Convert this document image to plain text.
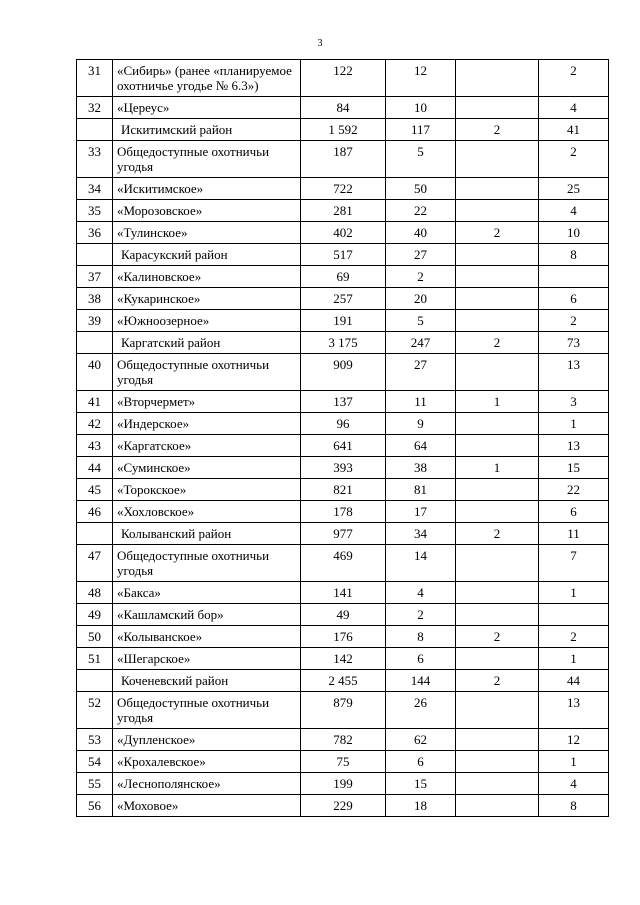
3
31	«Сибирь» (ранее «планируемое охотничье угодье № 6.3»)	122	12		2
32	«Цереус»	84	10		4
	Искитимский район	1 592	117	2	41
33	Общедоступные охотничьи угодья	187	5		2
34	«Искитимское»	722	50		25
35	«Морозовское»	281	22		4
36	«Тулинское»	402	40	2	10
	Карасукский район	517	27		8
37	«Калиновское»	69	2		
38	«Кукаринское»	257	20		6
39	«Южноозерное»	191	5		2
	Каргатский район	3 175	247	2	73
40	Общедоступные охотничьи угодья	909	27		13
41	«Вторчермет»	137	11	1	3
42	«Индерское»	96	9		1
43	«Каргатское»	641	64		13
44	«Суминское»	393	38	1	15
45	«Торокское»	821	81		22
46	«Хохловское»	178	17		6
	Колыванский район	977	34	2	11
47	Общедоступные охотничьи угодья	469	14		7
48	«Бакса»	141	4		1
49	«Кашламский бор»	49	2		
50	«Колыванское»	176	8	2	2
51	«Шегарское»	142	6		1
	Коченевский район	2 455	144	2	44
52	Общедоступные охотничьи угодья	879	26		13
53	«Дупленское»	782	62		12
54	«Крохалевское»	75	6		1
55	«Леснополянское»	199	15		4
56	«Моховое»	229	18		8
